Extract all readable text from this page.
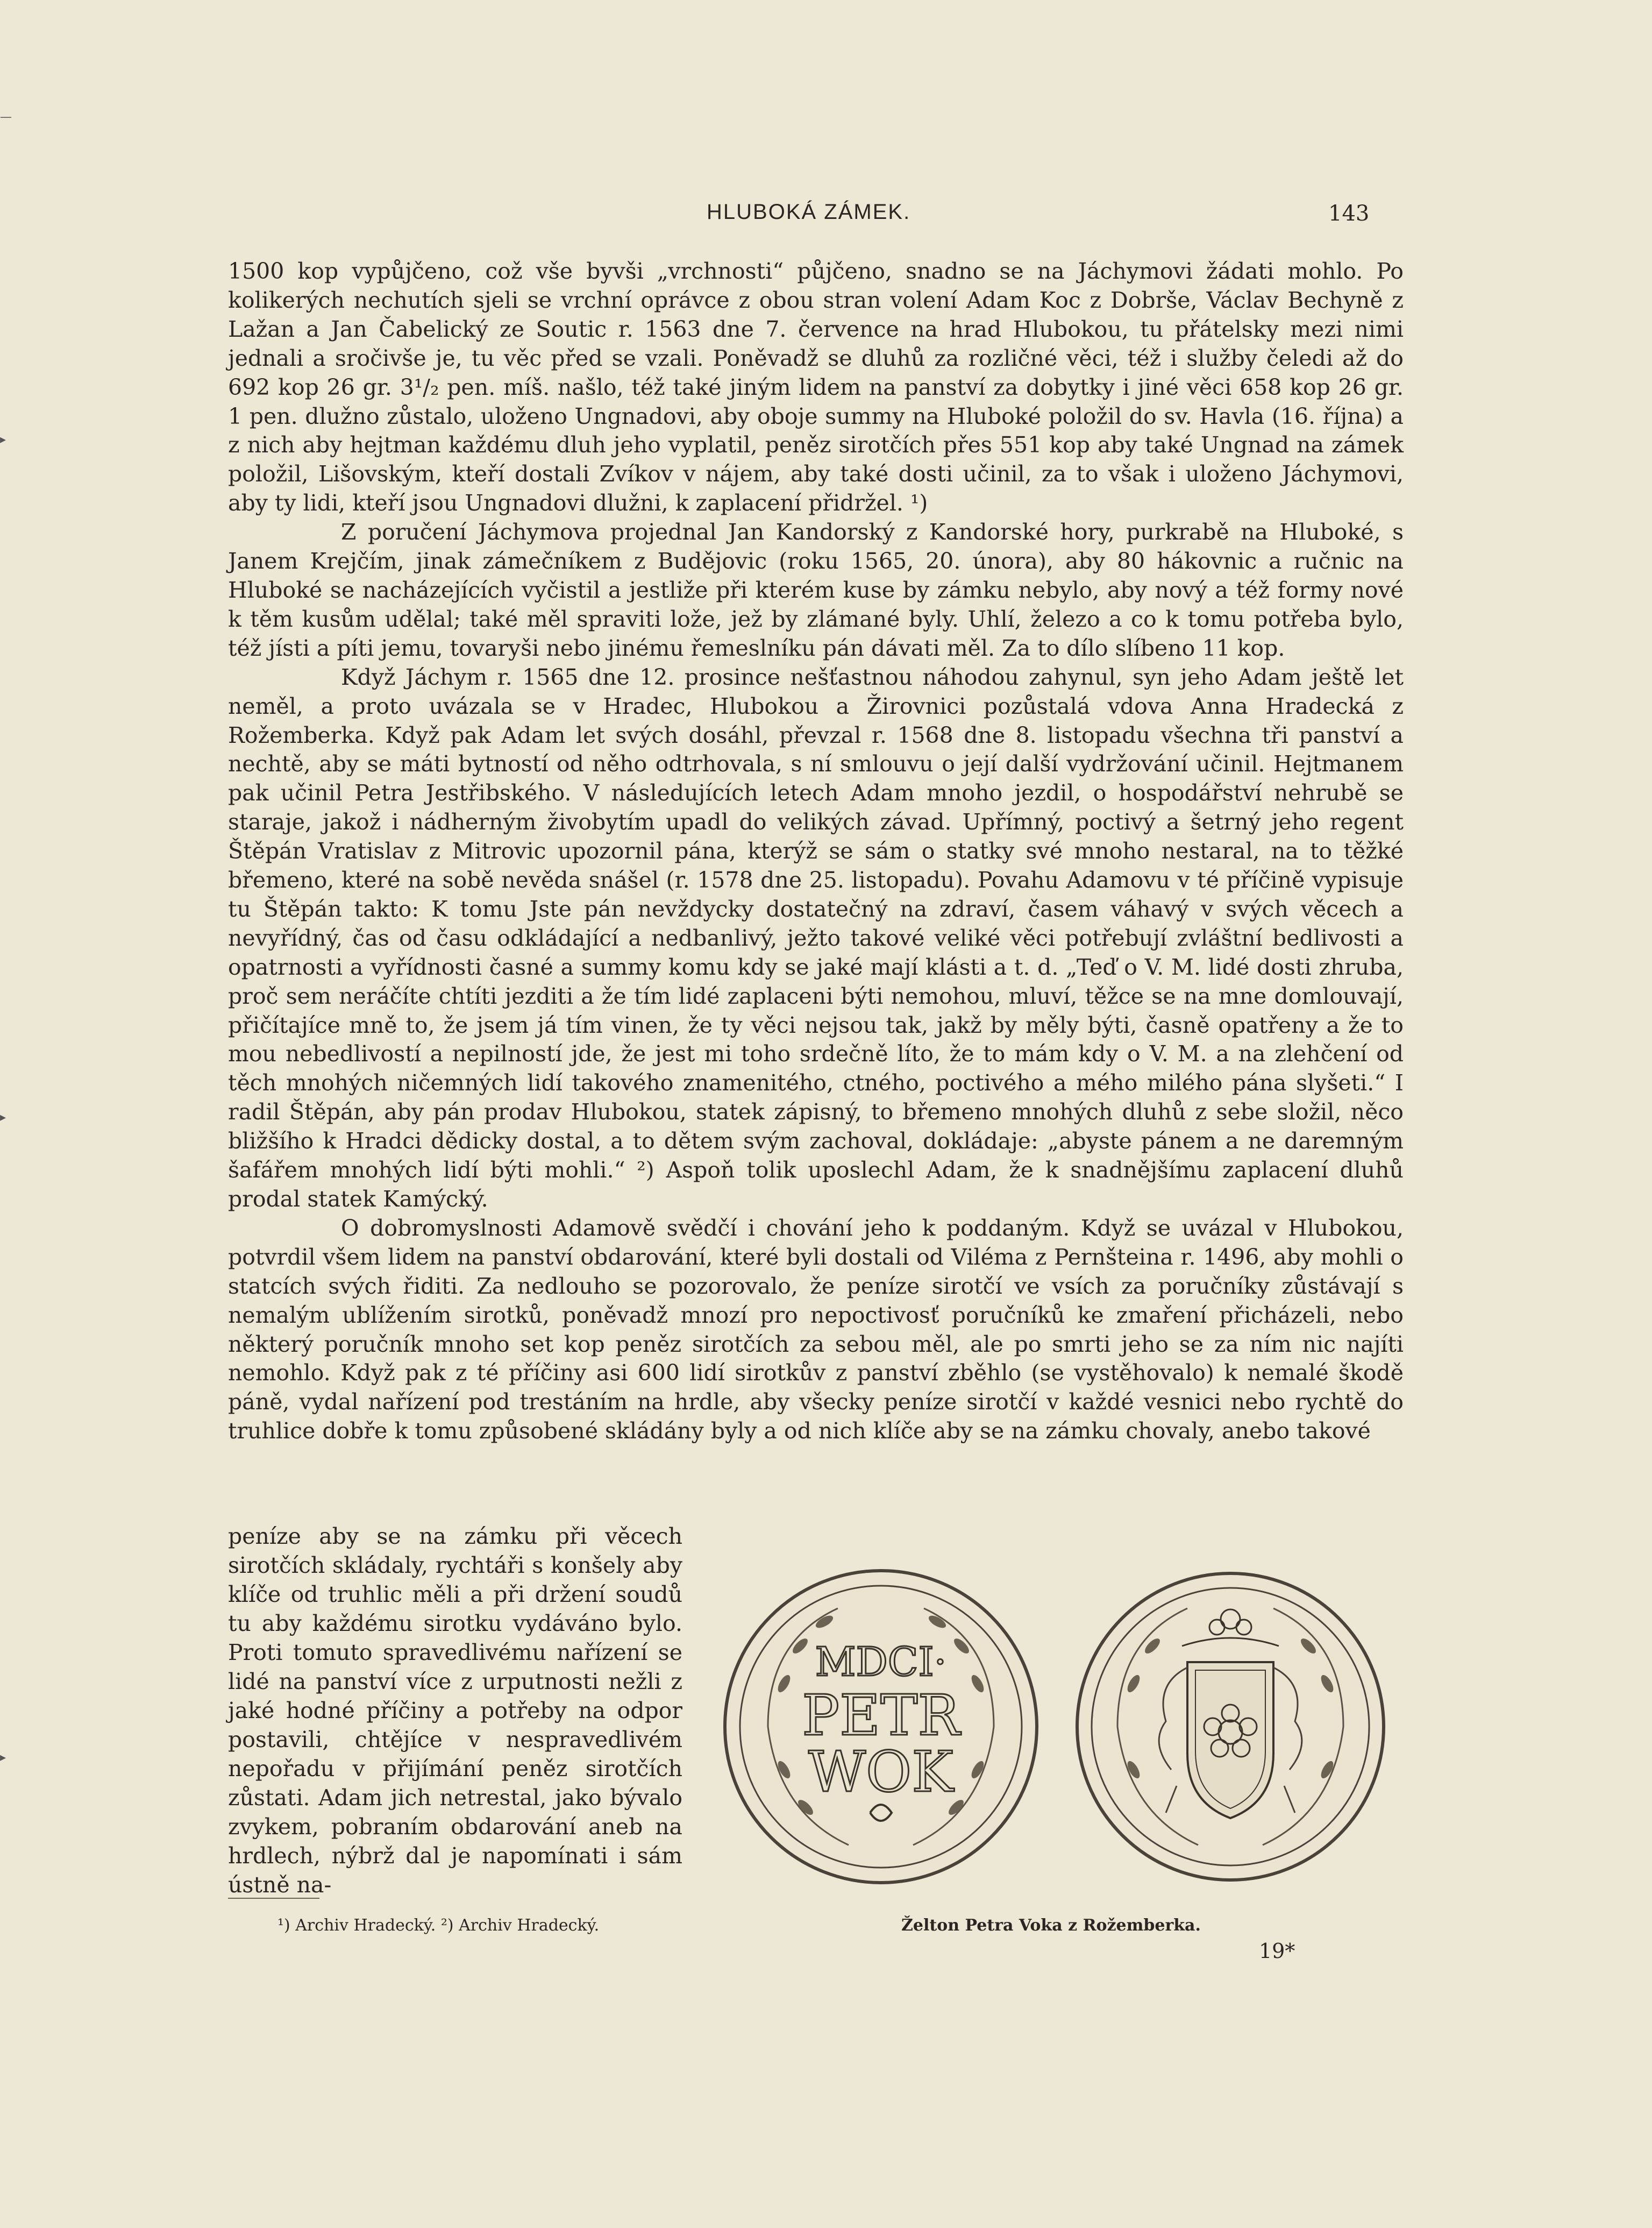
HLUBOKÁ ZÁMEK.	143
—
▸
▸
▸

1500 kop vypůjčeno, což vše byvši „vrchnosti“ půjčeno, snadno se na Jáchymovi žádati mohlo. Po kolikerých nechutích sjeli se vrchní oprávce z obou stran volení Adam Koc z Dobrše, Václav Bechyně z Lažan a Jan Čabelický ze Soutic r. 1563 dne 7. července na hrad Hlubokou, tu přátelsky mezi nimi jednali a sročivše je, tu věc před se vzali. Poněvadž se dluhů za rozličné věci, též i služby čeledi až do 692 kop 26 gr. 3¹/₂ pen. míš. našlo, též také jiným lidem na panství za dobytky i jiné věci 658 kop 26 gr. 1 pen. dlužno zůstalo, uloženo Ungnadovi, aby oboje summy na Hluboké položil do sv. Havla (16. října) a z nich aby hejtman každému dluh jeho vyplatil, peněz sirotčích přes 551 kop aby také Ungnad na zámek položil, Lišovským, kteří dostali Zvíkov v nájem, aby také dosti učinil, za to však i uloženo Jáchymovi, aby ty lidi, kteří jsou Ungnadovi dlužni, k zaplacení přidržel. ¹)

Z poručení Jáchymova projednal Jan Kandorský z Kandorské hory, purkrabě na Hluboké, s Janem Krejčím, jinak zámečníkem z Budějovic (roku 1565, 20. února), aby 80 hákovnic a ručnic na Hluboké se nacházejících vyčistil a jestliže při kterém kuse by zámku nebylo, aby nový a též formy nové k těm kusům udělal; také měl spraviti lože, jež by zlámané byly. Uhlí, železo a co k tomu potřeba bylo, též jísti a píti jemu, tovaryši nebo jinému řemeslníku pán dávati měl. Za to dílo slíbeno 11 kop.

Když Jáchym r. 1565 dne 12. prosince nešťastnou náhodou zahynul, syn jeho Adam ještě let neměl, a proto uvázala se v Hradec, Hlubokou a Žirovnici pozůstalá vdova Anna Hradecká z Rožemberka. Když pak Adam let svých dosáhl, převzal r. 1568 dne 8. listopadu všechna tři panství a nechtě, aby se máti bytností od něho odtrhovala, s ní smlouvu o její další vydržování učinil. Hejtmanem pak učinil Petra Jestřibského. V následujících letech Adam mnoho jezdil, o hospodářství nehrubě se staraje, jakož i nádherným živobytím upadl do velikých závad. Upřímný, poctivý a šetrný jeho regent Štěpán Vratislav z Mitrovic upozornil pána, kterýž se sám o statky své mnoho nestaral, na to těžké břemeno, které na sobě nevěda snášel (r. 1578 dne 25. listopadu). Povahu Adamovu v té příčině vypisuje tu Štěpán takto: K tomu Jste pán nevždycky dostatečný na zdraví, časem váhavý v svých věcech a nevyřídný, čas od času odkládající a nedbanlivý, ježto takové veliké věci potřebují zvláštní bedlivosti a opatrnosti a vyřídnosti časné a summy komu kdy se jaké mají klásti a t. d. „Teď o V. M. lidé dosti zhruba, proč sem neráčíte chtíti jezditi a že tím lidé zaplaceni býti nemohou, mluví, těžce se na mne domlouvají, přičítajíce mně to, že jsem já tím vinen, že ty věci nejsou tak, jakž by měly býti, časně opatřeny a že to mou nebedlivostí a nepilností jde, že jest mi toho srdečně líto, že to mám kdy o V. M. a na zlehčení od těch mnohých ničemných lidí takového znamenitého, ctného, poctivého a mého milého pána slyšeti.“ I radil Štěpán, aby pán prodav Hlubokou, statek zápisný, to břemeno mnohých dluhů z sebe složil, něco bližšího k Hradci dědicky dostal, a to dětem svým zachoval, dokládaje: „abyste pánem a ne daremným šafářem mnohých lidí býti mohli.“ ²) Aspoň tolik uposlechl Adam, že k snadnějšímu zaplacení dluhů prodal statek Kamýcký.

O dobromyslnosti Adamově svědčí i chování jeho k poddaným. Když se uvázal v Hlubokou, potvrdil všem lidem na panství obdarování, které byli dostali od Viléma z Pernšteina r. 1496, aby mohli o statcích svých řiditi. Za nedlouho se pozorovalo, že peníze sirotčí ve vsích za poručníky zůstávají s nemalým ublížením sirotků, poněvadž mnozí pro nepoctivosť poručníků ke zmaření přicházeli, nebo některý poručník mnoho set kop peněz sirotčích za sebou měl, ale po smrti jeho se za ním nic najíti nemohlo. Když pak z té příčiny asi 600 lidí sirotkův z panství zběhlo (se vystěhovalo) k nemalé škodě páně, vydal nařízení pod trestáním na hrdle, aby všecky peníze sirotčí v každé vesnici nebo rychtě do truhlice dobře k tomu způsobené skládány byly a od nich klíče aby se na zámku chovaly, anebo takové

peníze aby se na zámku při věcech sirotčích skládaly, rychtáři s konšely aby klíče od truhlic měli a při držení soudů tu aby každému sirotku vydáváno bylo. Proti tomuto spravedlivému nařízení se lidé na panství více z urputnosti nežli z jaké hodné příčiny a potřeby na odpor postavili, chtějíce v nespravedlivém nepořadu v přijímání peněz sirotčích zůstati. Adam jich netrestal, jako bývalo zvykem, pobraním obdarování aneb na hrdlech, nýbrž dal je napomínati i sám ústně na-
MDCI·
PETR
WOK
¹) Archiv Hradecký. ²) Archiv Hradecký.	Želton Petra Voka z Rožemberka.
19*
